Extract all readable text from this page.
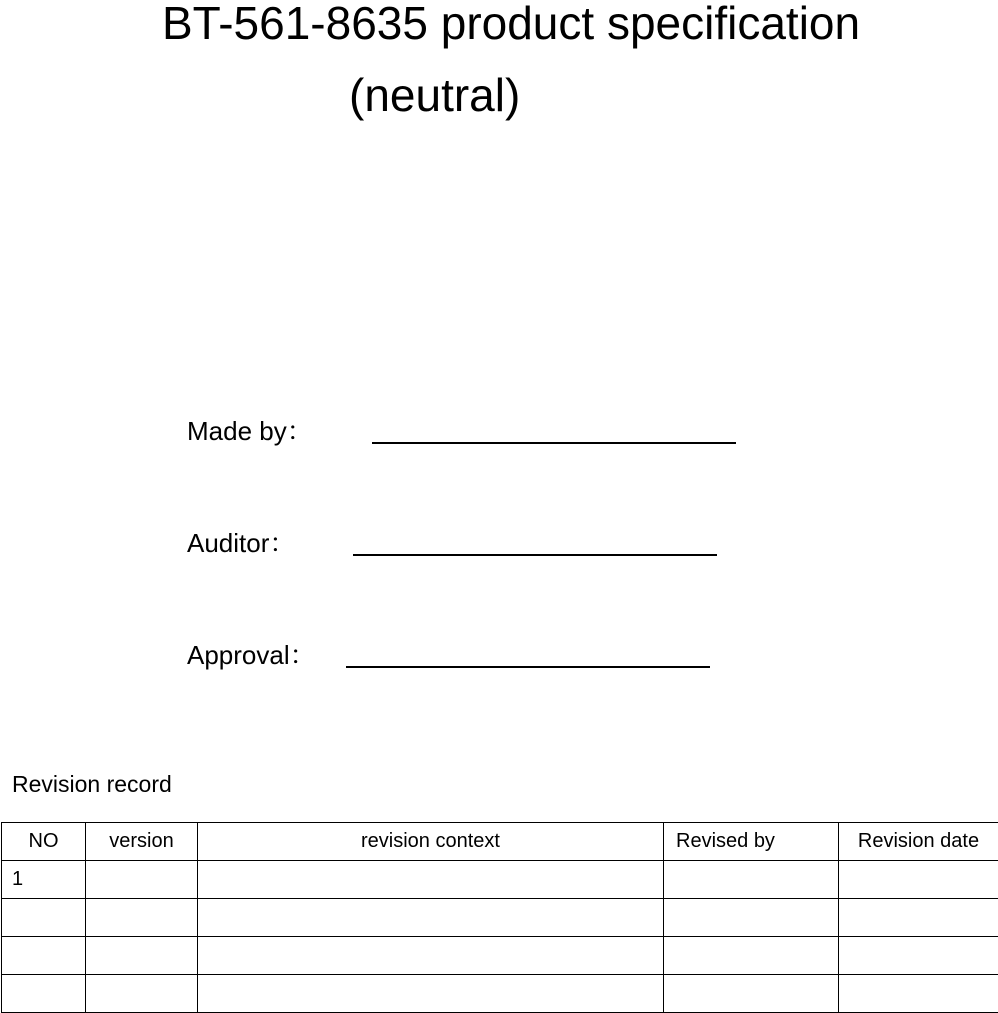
BT-561-8635 product specification
(neutral)
Made by：
Auditor：
Approval：
Revision record
NO	version	revision context	Revised by	Revision date
1				
